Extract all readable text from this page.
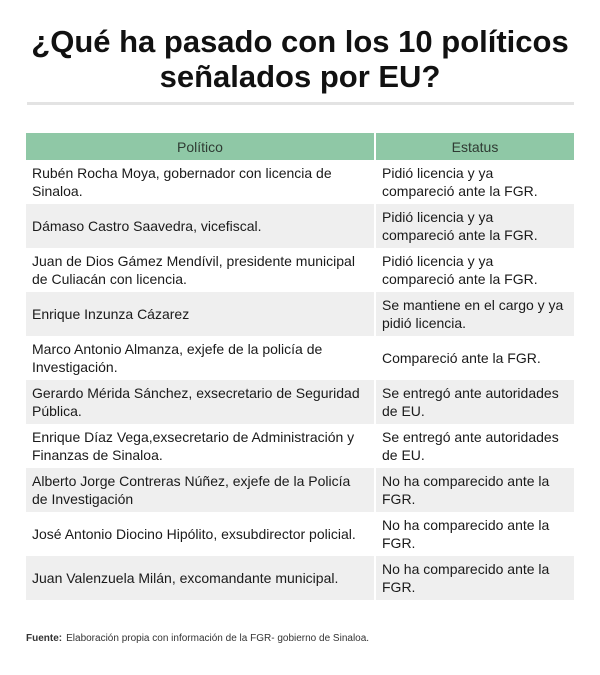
¿Qué ha pasado con los 10 políticos
señalados por EU?
Político	Estatus
Rubén Rocha Moya, gobernador con licencia de Sinaloa.	Pidió licencia y ya compareció ante la FGR.
Dámaso Castro Saavedra, vicefiscal.	Pidió licencia y ya compareció ante la FGR.
Juan de Dios Gámez Mendívil, presidente municipal de Culiacán con licencia.	Pidió licencia y ya compareció ante la FGR.
Enrique Inzunza Cázarez	Se mantiene en el cargo y ya pidió licencia.
Marco Antonio Almanza, exjefe de la policía de Investigación.	Compareció ante la FGR.
Gerardo Mérida Sánchez, exsecretario de Seguridad Pública.	Se entregó ante autoridades de EU.
Enrique Díaz Vega,exsecretario de Administración y Finanzas de Sinaloa.	Se entregó ante autoridades de EU.
Alberto Jorge Contreras Núñez, exjefe de la Policía de Investigación	No ha comparecido ante la FGR.
José Antonio Diocino Hipólito, exsubdirector policial.	No ha comparecido ante la FGR.
Juan Valenzuela Milán, excomandante municipal.	No ha comparecido ante la FGR.
Fuente: Elaboración propia con información de la FGR- gobierno de Sinaloa.
